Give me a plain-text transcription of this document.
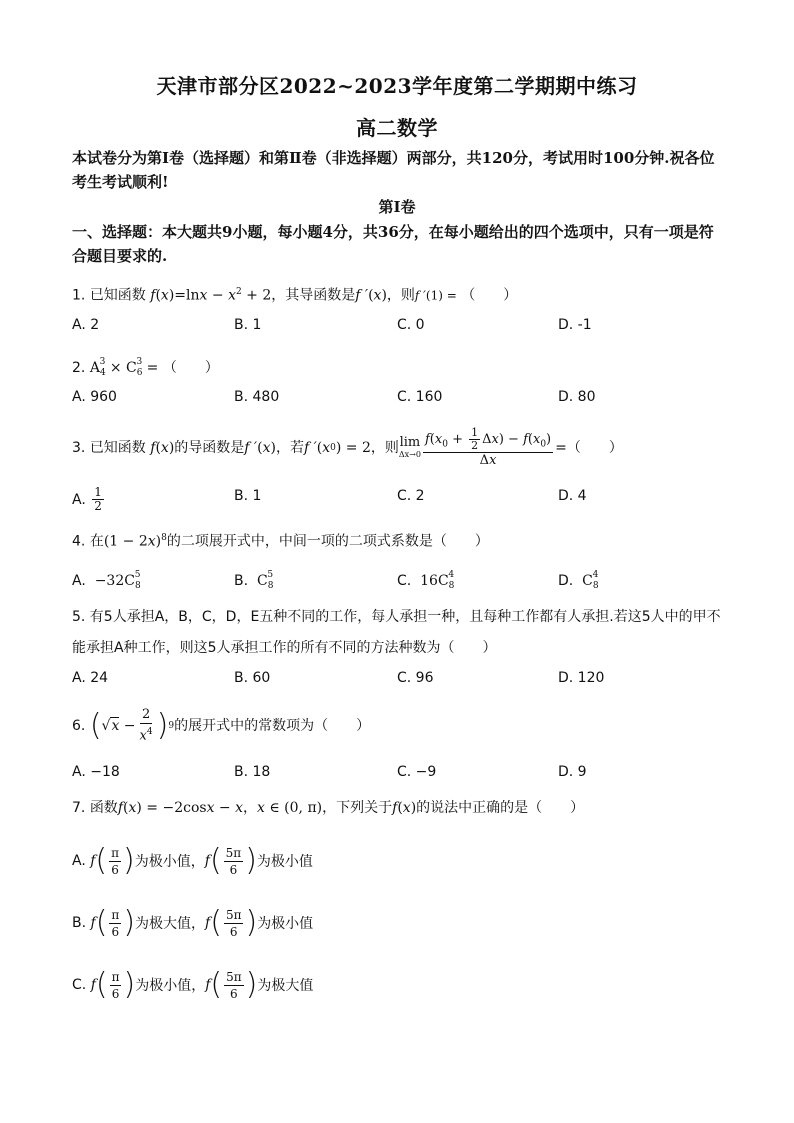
天津市部分区2022~2023学年度第二学期期中练习
高二数学
本试卷分为第Ⅰ卷（选择题）和第Ⅱ卷（非选择题）两部分，共120分，考试用时100分钟.祝各位考生考试顺利!
第Ⅰ卷
一、选择题：本大题共9小题，每小题4分，共36分，在每小题给出的四个选项中，只有一项是符合题目要求的.
1. 已知函数 $f(x)=\ln x - x^2 + 2$，其导函数是f ′(x)，则f ′(1) = （　　）
A. 2	B. 1	C. 0	D. -1
2. $A_4^3 \times C_6^3$ = （　　）
A. 960	B. 480	C. 160	D. 80
3.
已知函数 f ( x ) 的导函数是 f ′ ( x ) ，若 f ′ ( x 0 ) = 2 ，则 lim
$\Delta x\to 0 \frac{f(x_0 + \frac{1}{2} \Delta x) - f(x_0)}{\Delta x}$ = （　　）
A.
$\frac{1}{2}$	B. 1	C. 2	D. 4
4. 在$(1 - 2x)^8$的二项展开式中，中间一项的二项式系数是（　　）
A. $-32C_8^5$	B. $C_8^5$	C. $16C_8^4$	D. $C_8^4$
5. 有5人承担A，B，C，D，E五种不同的工作，每人承担一种，且每种工作都有人承担.若这5人中的甲不能承担A种工作，则这5人承担工作的所有不同的方法种数为（　　）
A. 24	B. 60	C. 96	D. 120
6.
( $√x - \frac{2}{x^4}$ ) 9 的展开式中的常数项为（　　）
A. −18	B. 18	C. −9	D. 9
7. 函数f(x) = −2cosx − x，x ∈ (0, π)，下列关于f(x)的说法中正确的是（　　）
A.
f ( $\frac{\pi}{6}$ ) 为极小值， f ( $\frac{5\pi}{6}$ ) 为极小值
B.
f ( $\frac{\pi}{6}$ ) 为极大值， f ( $\frac{5\pi}{6}$ ) 为极小值
C.
f ( $\frac{\pi}{6}$ ) 为极小值， f ( $\frac{5\pi}{6}$ ) 为极大值
